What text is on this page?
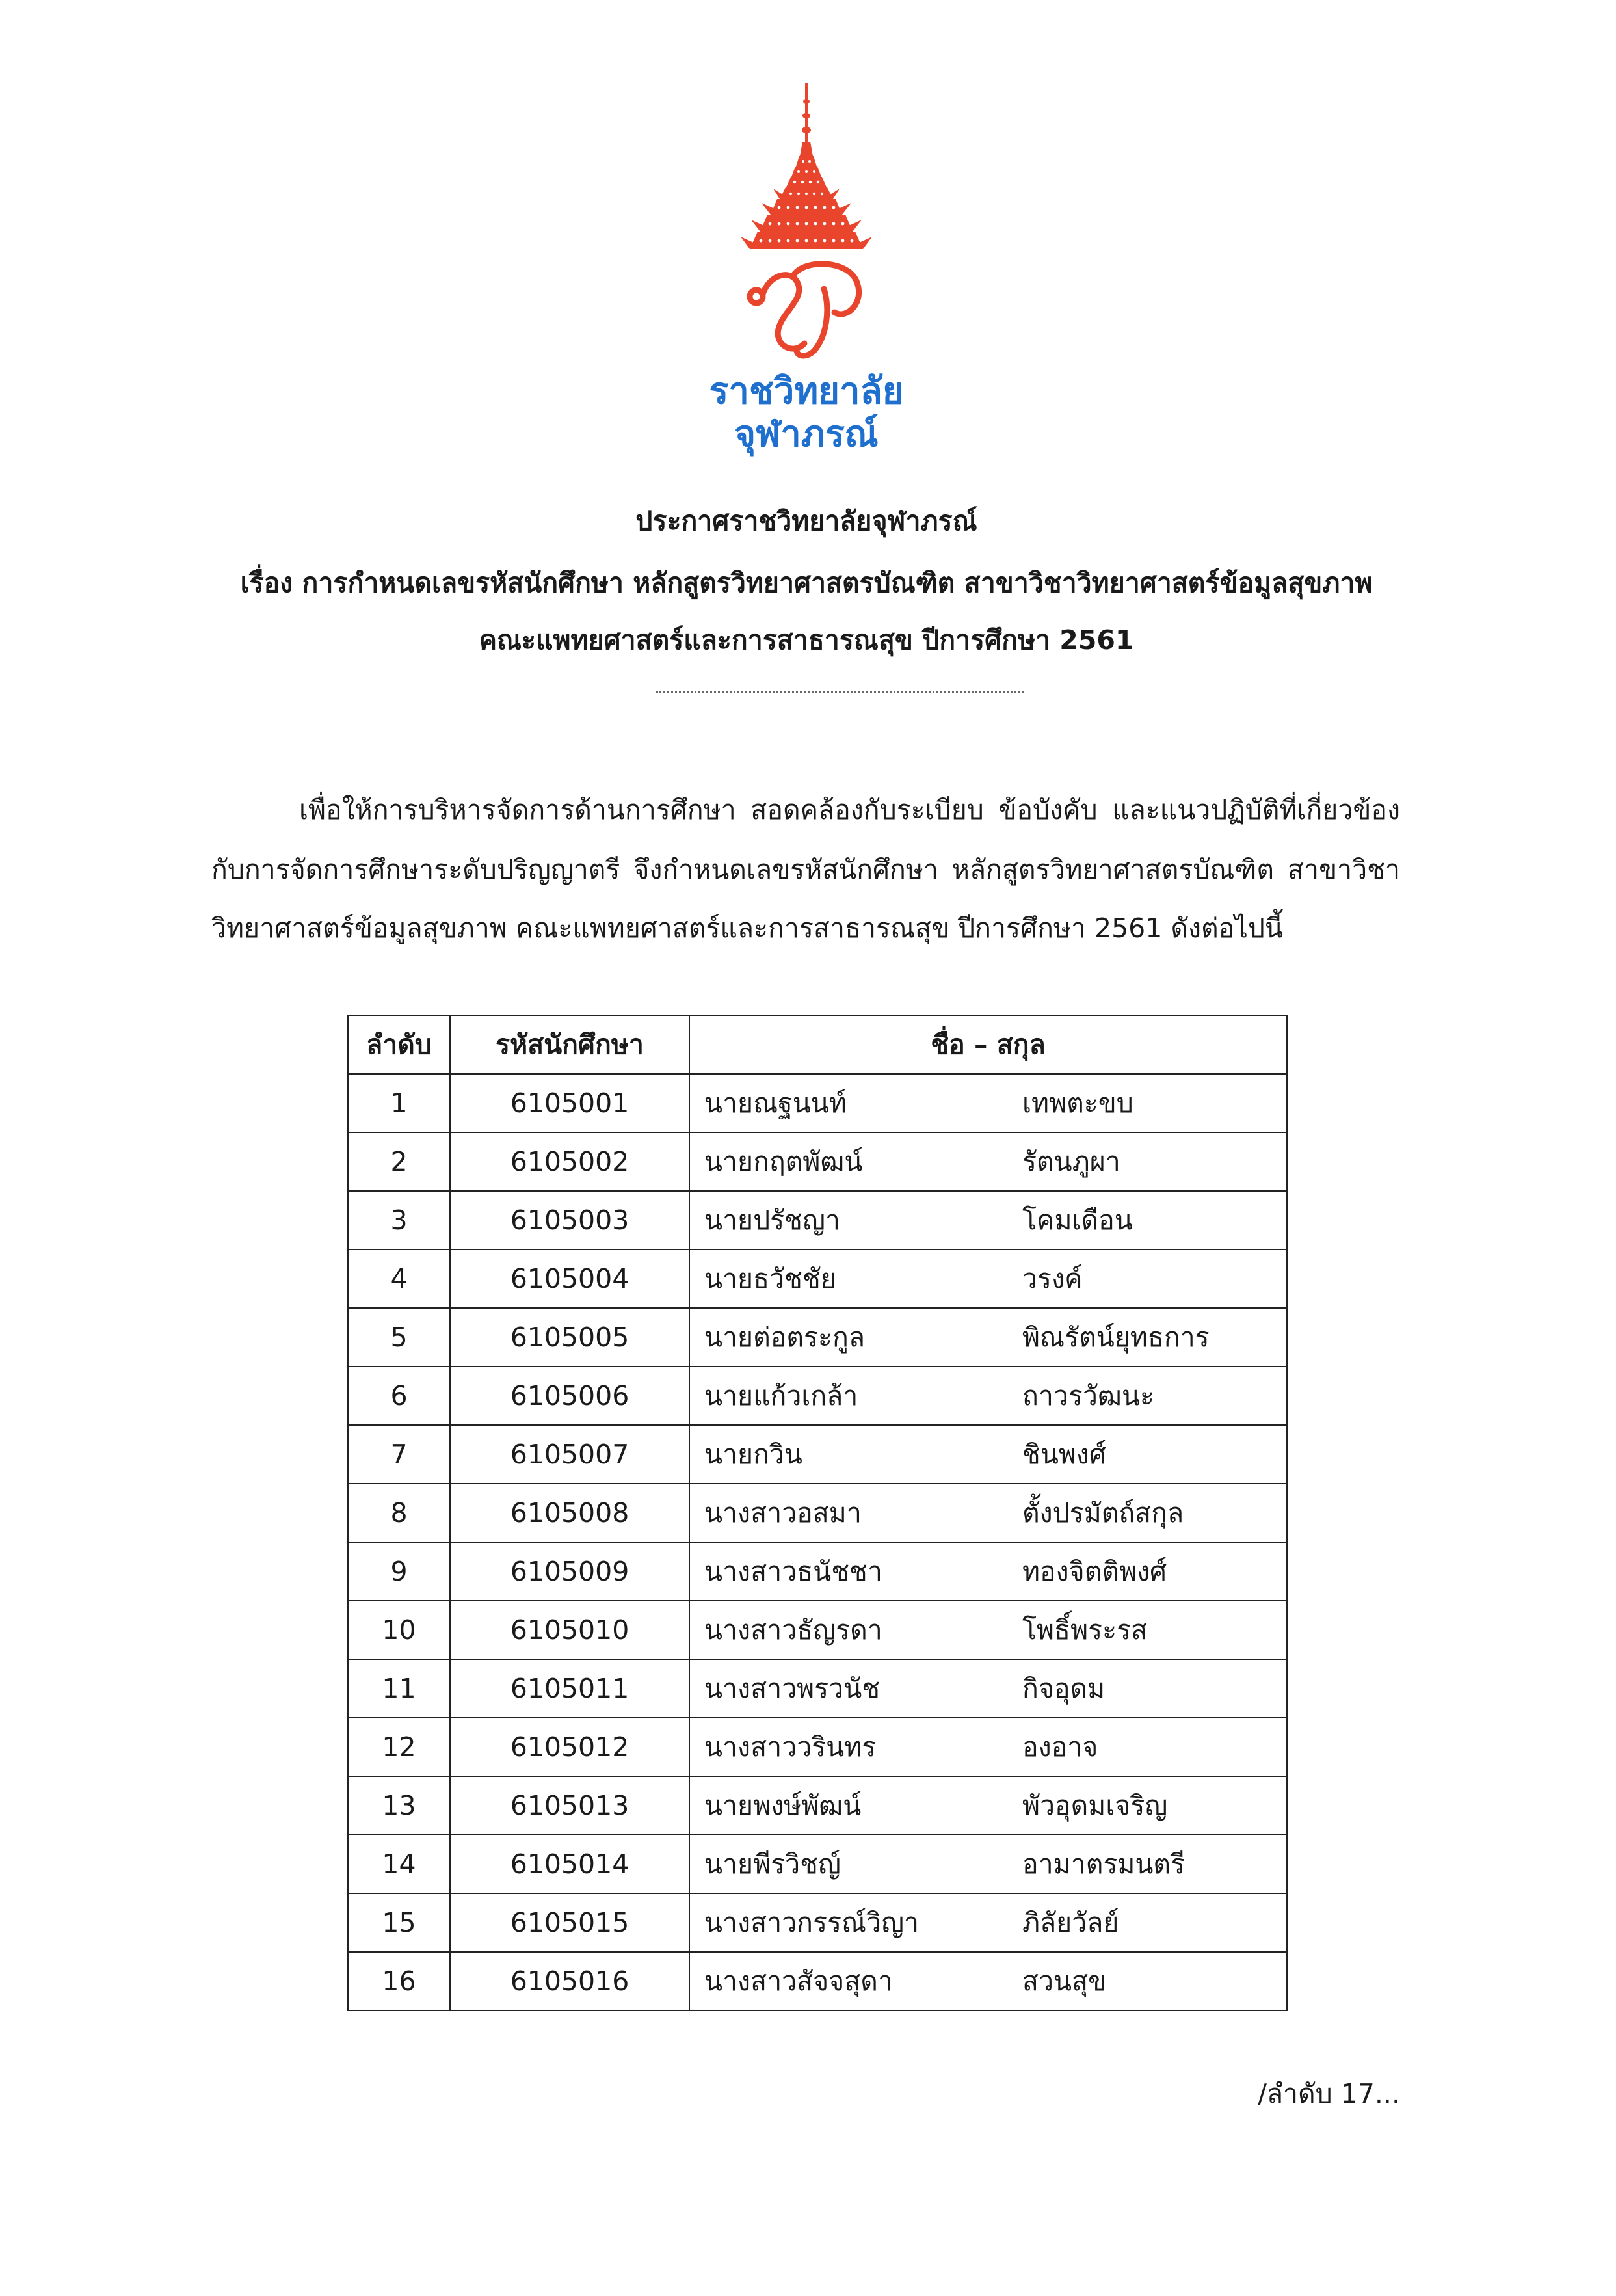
ราชวิทยาลัย
จุฬาภรณ์
ประกาศราชวิทยาลัยจุฬาภรณ์
เรื่อง การกำหนดเลขรหัสนักศึกษา หลักสูตรวิทยาศาสตรบัณฑิต สาขาวิชาวิทยาศาสตร์ข้อมูลสุขภาพ
คณะแพทยศาสตร์และการสาธารณสุข ปีการศึกษา 2561
เพื่อให้การบริหารจัดการด้านการศึกษา สอดคล้องกับระเบียบ ข้อบังคับ และแนวปฏิบัติที่เกี่ยวข้อง
กับการจัดการศึกษาระดับปริญญาตรี จึงกำหนดเลขรหัสนักศึกษา หลักสูตรวิทยาศาสตรบัณฑิต สาขาวิชา
วิทยาศาสตร์ข้อมูลสุขภาพ คณะแพทยศาสตร์และการสาธารณสุข ปีการศึกษา 2561 ดังต่อไปนี้
ลำดับ	รหัสนักศึกษา	ชื่อ – สกุล
1	6105001	นายณฐนนท์ เทพตะขบ
2	6105002	นายกฤตพัฒน์ รัตนภูผา
3	6105003	นายปรัชญา โคมเดือน
4	6105004	นายธวัชชัย วรงค์
5	6105005	นายต่อตระกูล พิณรัตน์ยุทธการ
6	6105006	นายแก้วเกล้า ถาวรวัฒนะ
7	6105007	นายกวิน ชินพงศ์
8	6105008	นางสาวอสมา ตั้งปรมัตถ์สกุล
9	6105009	นางสาวธนัชชา ทองจิตติพงศ์
10	6105010	นางสาวธัญรดา โพธิ์พระรส
11	6105011	นางสาวพรวนัช กิจอุดม
12	6105012	นางสาววรินทร องอาจ
13	6105013	นายพงษ์พัฒน์ พัวอุดมเจริญ
14	6105014	นายพีรวิชญ์ อามาตรมนตรี
15	6105015	นางสาวกรรณ์วิญา ภิลัยวัลย์
16	6105016	นางสาวสัจจสุดา สวนสุข
/ลำดับ 17...
